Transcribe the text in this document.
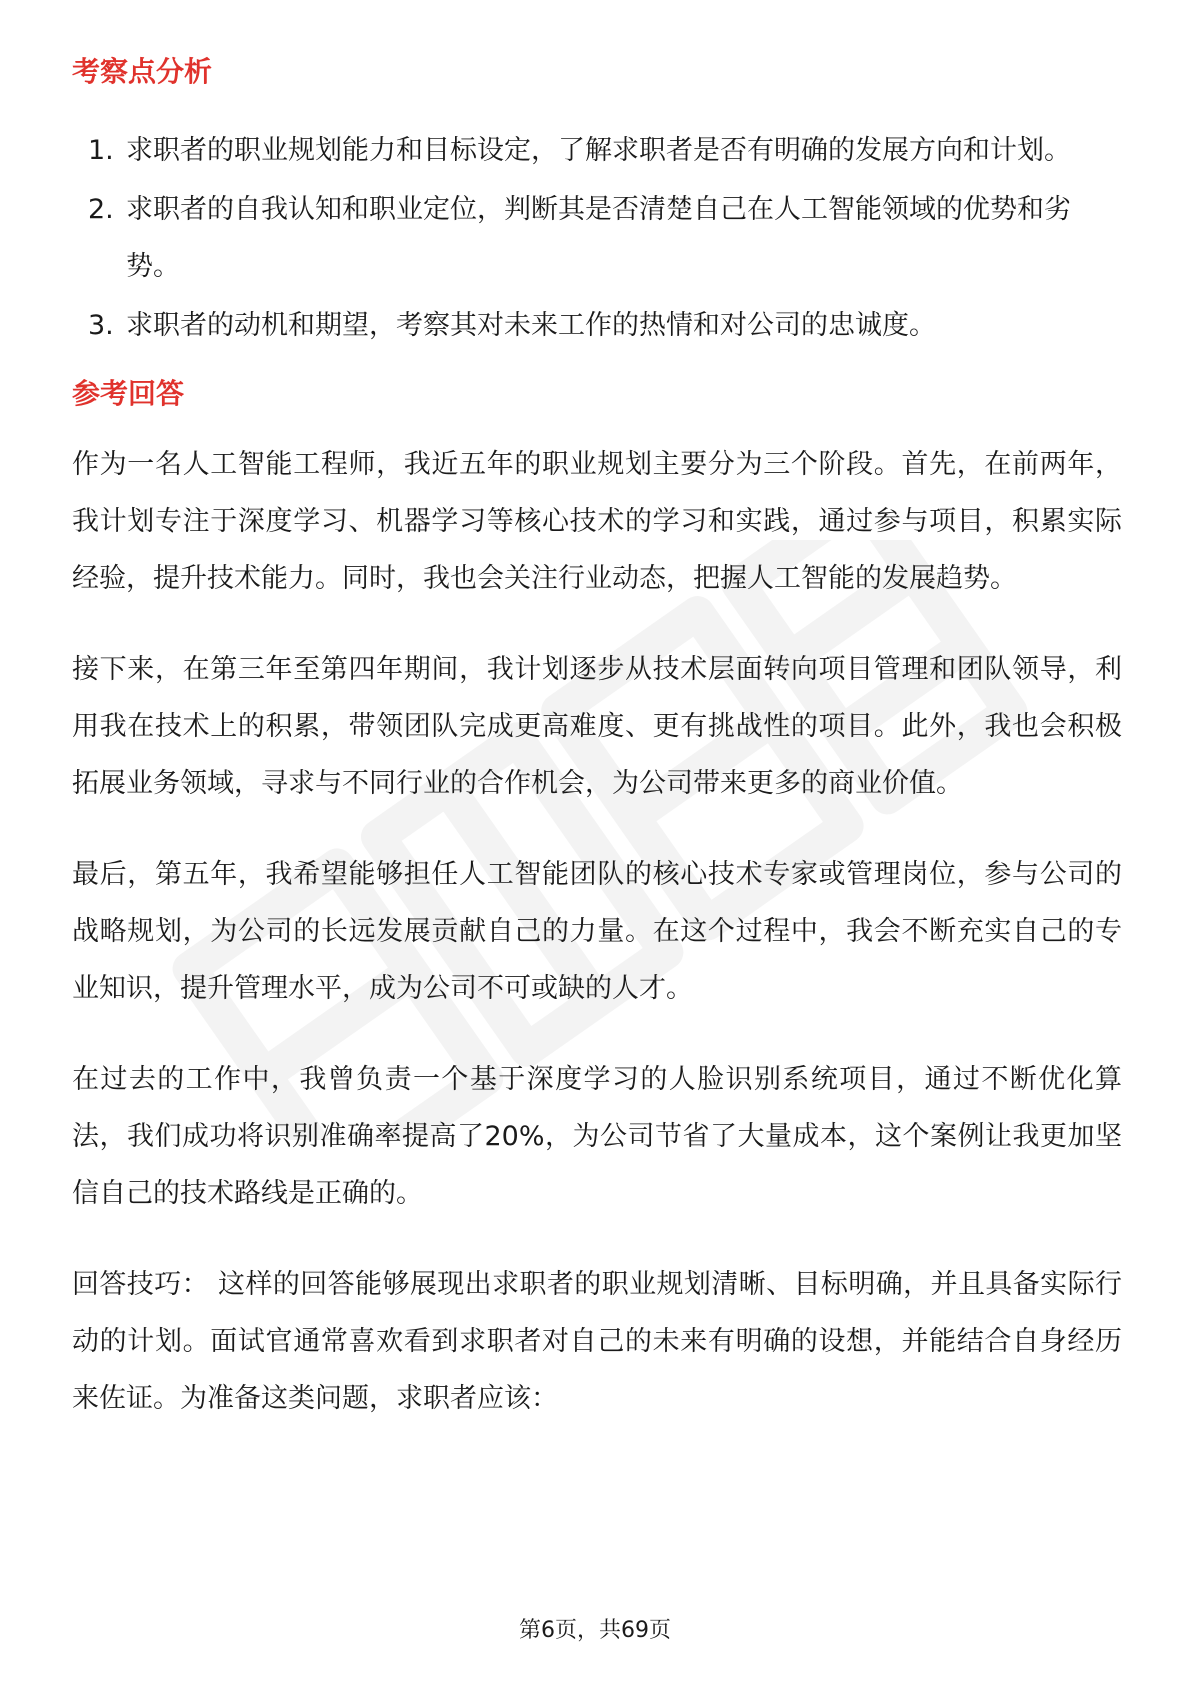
考察点分析
1. 求职者的职业规划能力和目标设定，了解求职者是否有明确的发展方向和计划。
2. 求职者的自我认知和职业定位，判断其是否清楚自己在人工智能领域的优势和劣势。
3. 求职者的动机和期望，考察其对未来工作的热情和对公司的忠诚度。
参考回答

作为一名人工智能工程师，我近五年的职业规划主要分为三个阶段。首先，在前两年，我计划专注于深度学习、机器学习等核心技术的学习和实践，通过参与项目，积累实际经验，提升技术能力。同时，我也会关注行业动态，把握人工智能的发展趋势。

接下来，在第三年至第四年期间，我计划逐步从技术层面转向项目管理和团队领导，利用我在技术上的积累，带领团队完成更高难度、更有挑战性的项目。此外，我也会积极拓展业务领域，寻求与不同行业的合作机会，为公司带来更多的商业价值。

最后，第五年，我希望能够担任人工智能团队的核心技术专家或管理岗位，参与公司的战略规划，为公司的长远发展贡献自己的力量。在这个过程中，我会不断充实自己的专业知识，提升管理水平，成为公司不可或缺的人才。

在过去的工作中，我曾负责一个基于深度学习的人脸识别系统项目，通过不断优化算法，我们成功将识别准确率提高了20%，为公司节省了大量成本，这个案例让我更加坚信自己的技术路线是正确的。

回答技巧： 这样的回答能够展现出求职者的职业规划清晰、目标明确，并且具备实际行动的计划。面试官通常喜欢看到求职者对自己的未来有明确的设想，并能结合自身经历来佐证。为准备这类问题，求职者应该：

第6页，共69页
